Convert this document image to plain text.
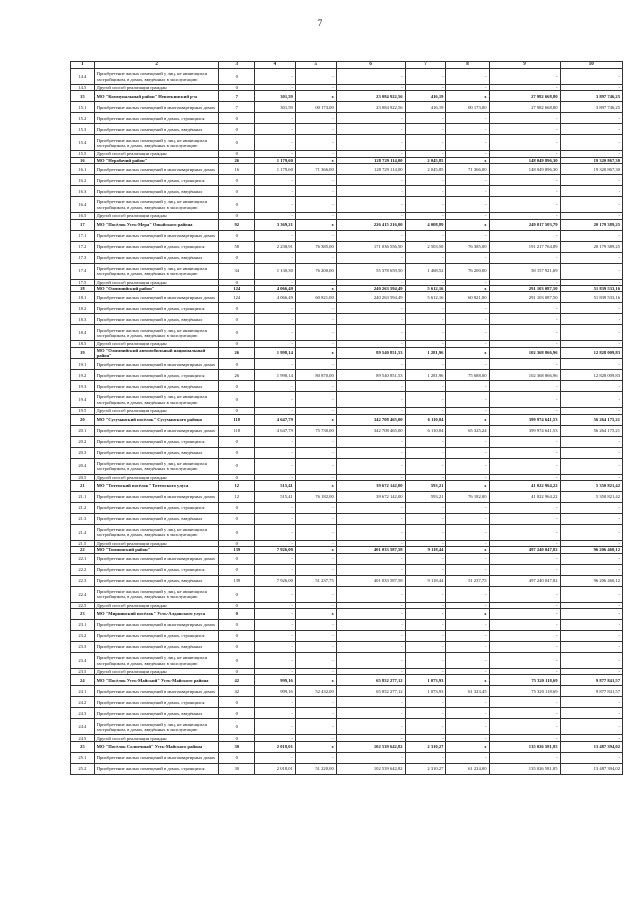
7
1	2	3	4	5	6	7	8	9	10
14.4	Приобретение жилых помещений у лиц, не являющихся застройщиком, в домах, введённых в эксплуатацию	0	-	-	-	-	-	-	-
14.5	Другой способ реализации граждан	0	-	-	-	-	-	-	-
15	МО "Коммунальный район" Неноткинский р-н	7	301,59	x	23 084 922,56	416,19	x	27 982 668,80	3 897 746,25
15.1	Приобретение жилых помещений в многоквартирных домах	7	301,59	00 173,00	23 084 922,56	416,19	00 173,00	27 982 668,80	3 897 746,25
15.2	Приобретение жилых помещений в домах, строящихся	0	-	-	-	-	-	-	-
15.3	Приобретение жилых помещений в домах, введённых	0	-	-	-	-	-	-	-
15.4	Приобретение жилых помещений у лиц, не являющихся застройщиком, в домах, введённых в эксплуатацию	0	-	-	-	-	-	-	-
15.5	Другой способ реализации граждан	0	-	-	-	-	-	-	-
16	МО "Нерабочий район"	26	1 179,60	x	128 729 114,00	2 045,85	x	148 049 896,30	19 320 867,30
16.1	Приобретение жилых помещений в многоквартирных домах	16	1 179,60	71 366,00	128 729 114,00	2 045,85	71 366,00	148 049 896,30	19 320 867,30
16.2	Приобретение жилых помещений в домах, строящихся	0	-	-	-	-	-	-	-
16.3	Приобретение жилых помещений в домах, введённых	0	-	-	-	-	-	-	-
16.4	Приобретение жилых помещений у лиц, не являющихся застройщиком, в домах, введённых в эксплуатацию	0	-	-	-	-	-	-	-
16.5	Другой способ реализации граждан	0	-	-	-	-	-	-	-
17	МО "Посёлок Усть-Мера" Опыйского района	92	3 369,21	x	226 415 216,00	4 008,89	x	249 017 503,79	20 179 389,25
17.1	Приобретение жилых помещений в многоквартирных домах	0	-	-	-	-	-	-	-
17.2	Приобретение жилых помещений в домах, строящихся	58	2 238,91	76 385,00	171 036 556,50	2 503,58	76 385,00	191 217 764,89	20 179 389,25
17.3	Приобретение жилых помещений в домах, введённых	0	-	-	-	-	-	-	-
17.4	Приобретение жилых помещений у лиц, не являющихся застройщиком, в домах, введённых в эксплуатацию	34	1 130,30	76 200,00	55 378 659,50	1 468,52	76 200,00	58 157 921,69	-
17.5	Другой способ реализации граждан	0	-	-	-	-	-	-	-
18	МО "Олимпийский район"	124	4 066,49	x	240 263 594,49	5 612,16	x	291 103 087,50	51 839 533,16
18.1	Приобретение жилых помещений в многоквартирных домах	124	4 066,49	60 821,00	240 263 594,49	5 612,16	60 821,00	291 103 087,50	51 839 533,16
18.2	Приобретение жилых помещений в домах, строящихся	0	-	-	-	-	-	-	-
18.3	Приобретение жилых помещений в домах, введённых	0	-	-	-	-	-	-	-
18.4	Приобретение жилых помещений у лиц, не являющихся застройщиком, в домах, введённых в эксплуатацию	0	-	-	-	-	-	-	-
18.5	Другой способ реализации граждан	0	-	-	-	-	-	-	-
19	МО "Олимпийский автомобильный национальный район"	26	1 998,14	x	89 540 851,53	1 281,96	x	102 368 866,96	12 828 009,83
19.1	Приобретение жилых помещений в многоквартирных домах	0	-	-	-	-	-	-	-
19.2	Приобретение жилых помещений в домах, строящихся	26	1 998,14	80 870,00	89 540 851,53	1 281,96	75 688,00	102 368 866,96	12 828 009,83
19.3	Приобретение жилых помещений в домах, введённых	0	-	-	-	-	-	-	-
19.4	Приобретение жилых помещений у лиц, не являющихся застройщиком, в домах, введённых в эксплуатацию	0	-	-	-	-	-	-	-
19.5	Другой способ реализации граждан	0	-	-	-	-	-	-	-
20	МО "Сусуманский посёлок" Сусуманского района	118	4 647,79	x	342 708 465,00	6 110,04	x	399 974 641,53	56 264 175,21
20.1	Приобретение жилых помещений в многоквартирных домах	118	4 647,79	75 730,00	342 708 465,00	6 110,04	65 325,24	399 974 641,53	56 264 175,21
20.2	Приобретение жилых помещений в домах, строящихся	0	-	-	-	-	-	-	-
20.3	Приобретение жилых помещений в домах, введённых	0	-	-	-	-	-	-	-
20.4	Приобретение жилых помещений у лиц, не являющихся застройщиком, в домах, введённых в эксплуатацию	0	-	-	-	-	-	-	-
20.5	Другой способ реализации граждан	0	-	-	-	-	-	-	-
21	МО "Тотемский посёлок" Тотемского улуса	12	515,41	x	39 672 142,00	593,21	x	41 022 964,22	5 350 821,42
21.1	Приобретение жилых помещений в многоквартирных домах	12	515,41	76 182,00	39 672 142,00	593,21	76 182,00	41 022 964,22	5 350 821,42
21.2	Приобретение жилых помещений в домах, строящихся	0	-	-	-	-	-	-	-
21.3	Приобретение жилых помещений в домах, введённых	0	-	-	-	-	-	-	-
21.4	Приобретение жилых помещений у лиц, не являющихся застройщиком, в домах, введённых в эксплуатацию	0	-	-	-	-	-	-	-
21.5	Другой способ реализации граждан	0	-	-	-	-	-	-	-
22	МО "Томпонский район"	139	7 926,00	x	401 033 587,58	9 118,44	x	497 240 047,82	96 206 460,12
22.1	Приобретение жилых помещений в многоквартирных домах	0	-	-	-	-	-	-	-
22.2	Приобретение жилых помещений в домах, строящихся	0	-	-	-	-	-	-	-
22.3	Приобретение жилых помещений в домах, введённых	139	7 926,00	51 237,75	401 033 587,58	9 118,44	51 237,75	497 240 047,82	96 206 460,12
22.4	Приобретение жилых помещений у лиц, не являющихся застройщиком, в домах, введённых в эксплуатацию	0	-	-	-	-	-	-	-
22.5	Другой способ реализации граждан	0	-	-	-	-	-	-	-
23	МО "Мирнинский посёлок" Усть-Алданского улуса	0	-	x	-	-	x	-	-
23.1	Приобретение жилых помещений в многоквартирных домах	0	-	-	-	-	-	-	-
23.2	Приобретение жилых помещений в домах, строящихся	0	-	-	-	-	-	-	-
23.3	Приобретение жилых помещений в домах, введённых	0	-	-	-	-	-	-	-
23.4	Приобретение жилых помещений у лиц, не являющихся застройщиком, в домах, введённых в эксплуатацию	0	-	-	-	-	-	-	-
23.5	Другой способ реализации граждан	0	-	-	-	-	-	-	-
24	МО "Посёлок Усть-Майский" Усть-Майского района	42	999,16	x	65 852 277,12	1 073,93	x	75 320 118,69	9 877 841,57
24.1	Приобретение жилых помещений в многоквартирных домах	42	999,16	52 432,00	65 852 277,12	1 073,93	61 323,45	75 320 118,69	9 877 841,57
24.2	Приобретение жилых помещений в домах, строящихся	0	-	-	-	-	-	-	-
24.3	Приобретение жилых помещений в домах, введённых	0	-	-	-	-	-	-	-
24.4	Приобретение жилых помещений у лиц, не являющихся застройщиком, в домах, введённых в эксплуатацию	0	-	-	-	-	-	-	-
24.5	Другой способ реализации граждан	0	-	-	-	-	-	-	-
25	МО "Посёлок Солнечный" Усть-Майского района	30	2 018,01	x	102 539 642,82	2 310,27	x	135 026 581,85	13 487 394,02
25.1	Приобретение жилых помещений в многоквартирных домах	0	-	-	-	-	-	-	-
25.2	Приобретение жилых помещений в домах, строящихся	30	2 018,01	51 220,00	102 539 642,82	2 310,27	61 224,00	135 026 581,85	13 487 394,02
